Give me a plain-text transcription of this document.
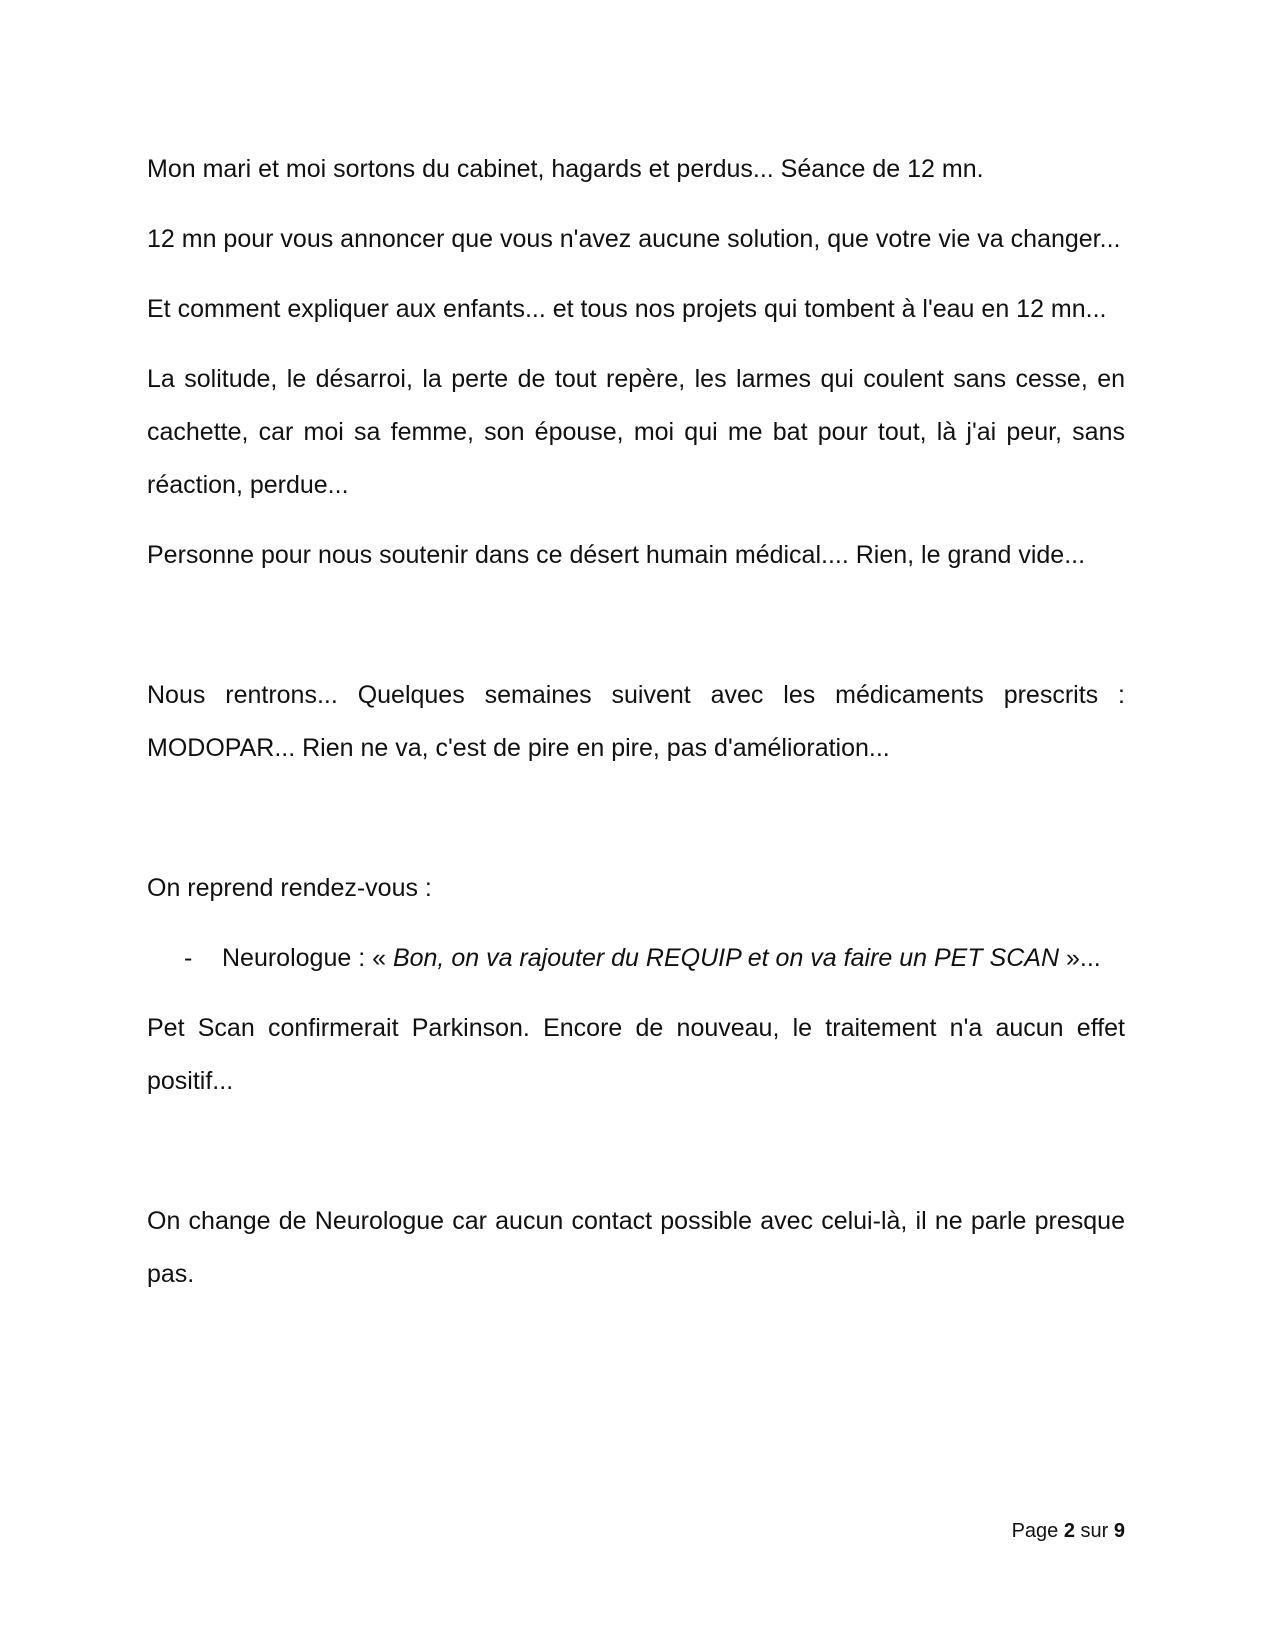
Mon mari et moi sortons du cabinet, hagards et perdus... Séance de 12 mn.

12 mn pour vous annoncer que vous n'avez aucune solution, que votre vie va changer...

Et comment expliquer aux enfants... et tous nos projets qui tombent à l'eau en 12 mn...

La solitude, le désarroi, la perte de tout repère, les larmes qui coulent sans cesse, en cachette, car moi sa femme, son épouse, moi qui me bat pour tout, là j'ai peur, sans réaction, perdue...

Personne pour nous soutenir dans ce désert humain médical.... Rien, le grand vide...

Nous rentrons... Quelques semaines suivent avec les médicaments prescrits : MODOPAR... Rien ne va, c'est de pire en pire, pas d'amélioration...

On reprend rendez-vous :

- Neurologue : « Bon, on va rajouter du REQUIP et on va faire un PET SCAN »...

Pet Scan confirmerait Parkinson. Encore de nouveau, le traitement n'a aucun effet positif...

On change de Neurologue car aucun contact possible avec celui-là, il ne parle presque pas.

Page 2 sur 9
